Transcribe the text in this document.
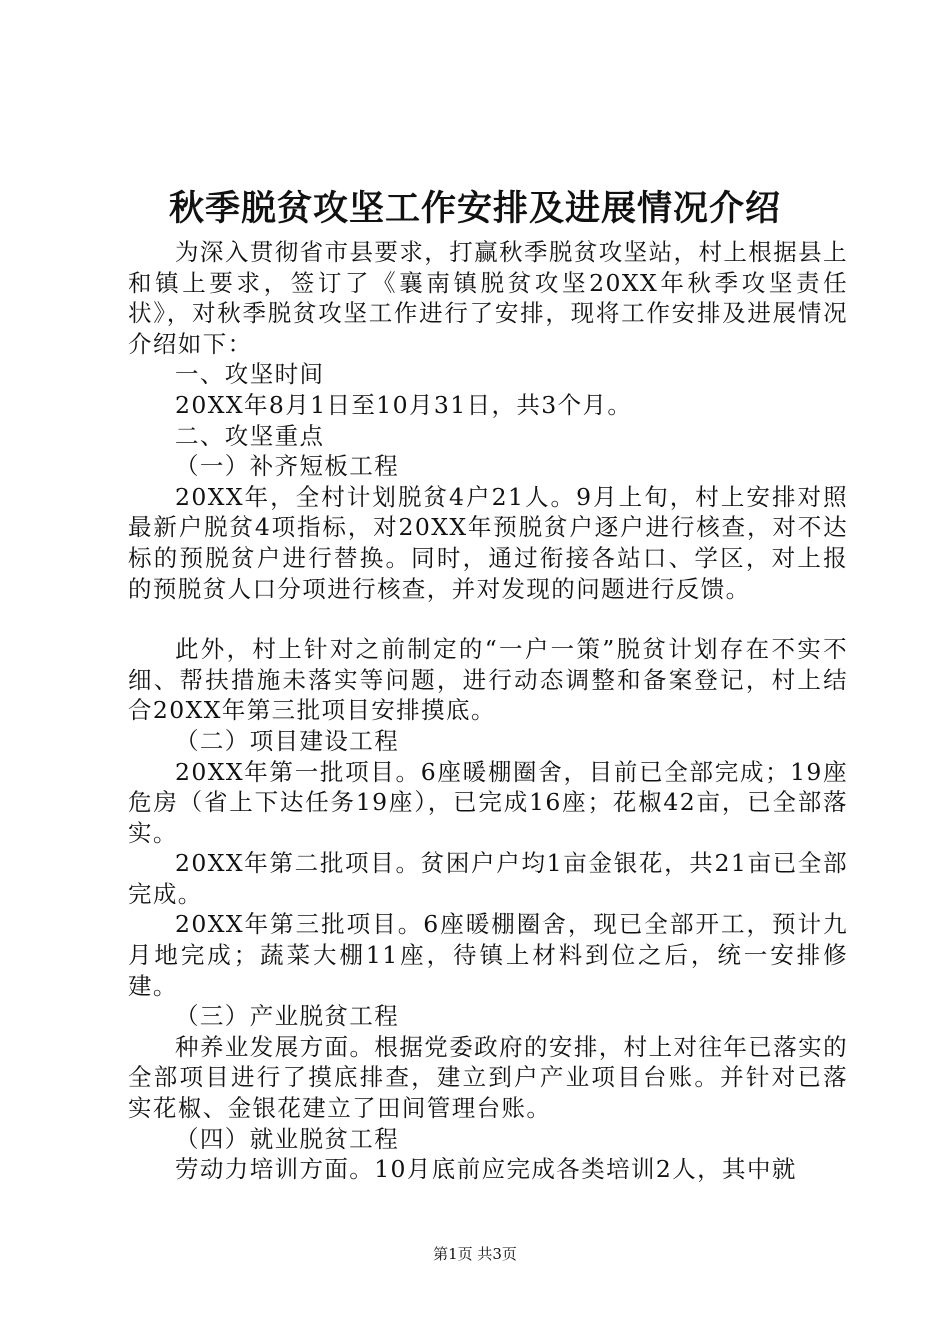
秋季脱贫攻坚工作安排及进展情况介绍

为深入贯彻省市县要求，打赢秋季脱贫攻坚站，村上根据县上和镇上要求，签订了《襄南镇脱贫攻坚20XX年秋季攻坚责任状》，对秋季脱贫攻坚工作进行了安排，现将工作安排及进展情况介绍如下：

一、攻坚时间

20XX年8月1日至10月31日，共3个月。

二、攻坚重点

（一）补齐短板工程

20XX年，全村计划脱贫4户21人。9月上旬，村上安排对照最新户脱贫4项指标，对20XX年预脱贫户逐户进行核查，对不达标的预脱贫户进行替换。同时，通过衔接各站口、学区，对上报的预脱贫人口分项进行核查，并对发现的问题进行反馈。

此外，村上针对之前制定的“一户一策”脱贫计划存在不实不细、帮扶措施未落实等问题，进行动态调整和备案登记，村上结合20XX年第三批项目安排摸底。

（二）项目建设工程

20XX年第一批项目。6座暖棚圈舍，目前已全部完成；19座危房（省上下达任务19座），已完成16座；花椒42亩，已全部落实。

20XX年第二批项目。贫困户户均1亩金银花，共21亩已全部完成。

20XX年第三批项目。6座暖棚圈舍，现已全部开工，预计九月地完成；蔬菜大棚11座，待镇上材料到位之后，统一安排修建。

（三）产业脱贫工程

种养业发展方面。根据党委政府的安排，村上对往年已落实的全部项目进行了摸底排查，建立到户产业项目台账。并针对已落实花椒、金银花建立了田间管理台账。

（四）就业脱贫工程

劳动力培训方面。10月底前应完成各类培训2人，其中就

第1页 共3页
